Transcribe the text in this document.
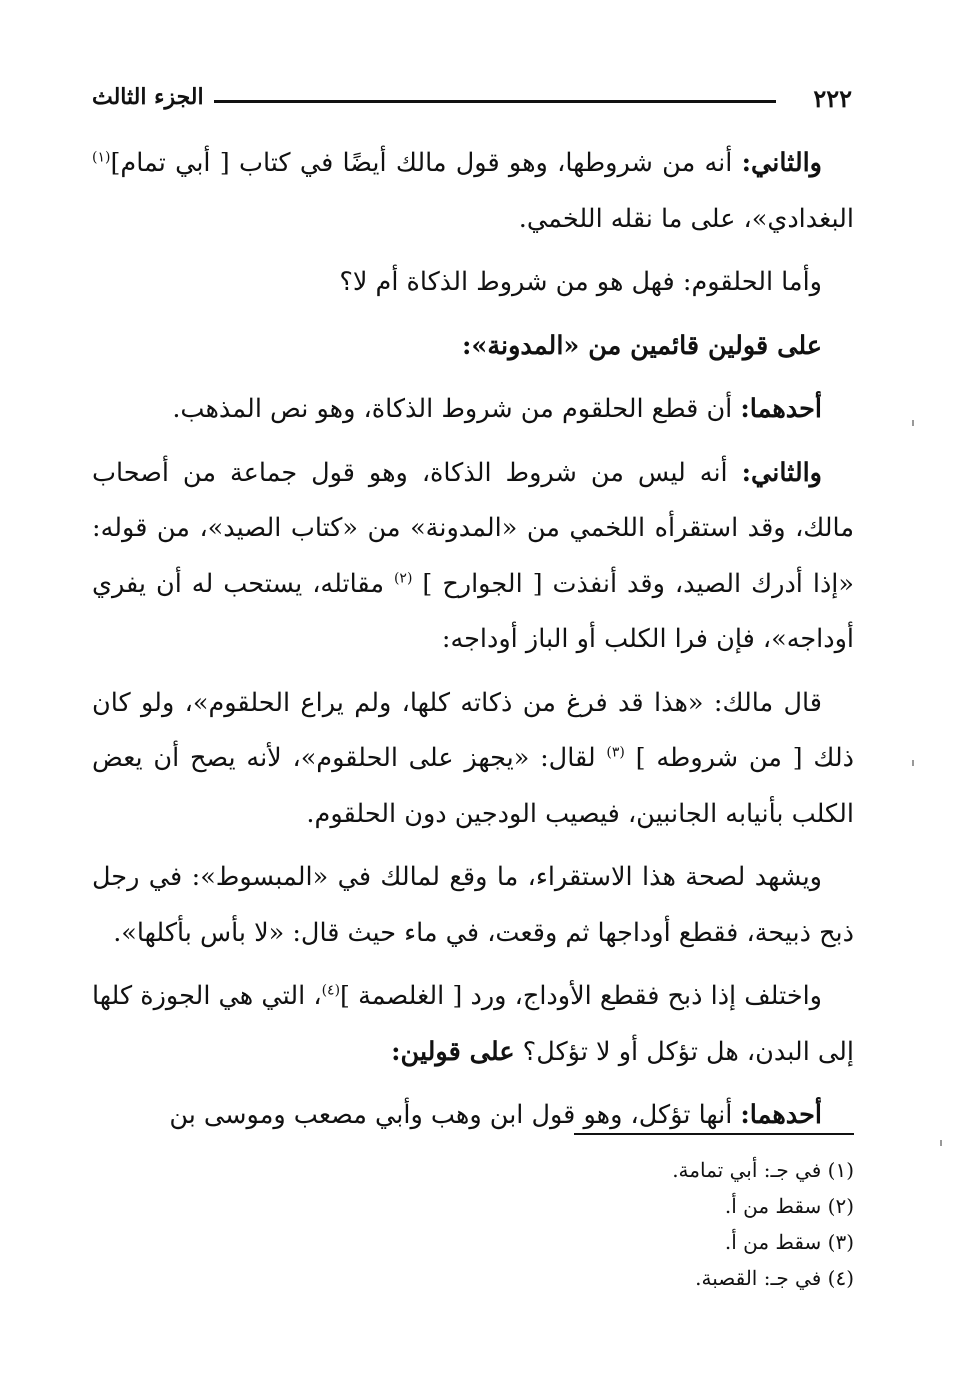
٢٢٢
الجزء الثالث

والثاني: أنه من شروطها، وهو قول مالك أيضًا في كتاب [ أبي تمام]$^{(١)}$ البغدادي»، على ما نقله اللخمي.

وأما الحلقوم: فهل هو من شروط الذكاة أم لا؟

على قولين قائمين من «المدونة»:

أحدهما: أن قطع الحلقوم من شروط الذكاة، وهو نص المذهب.

والثاني: أنه ليس من شروط الذكاة، وهو قول جماعة من أصحاب مالك، وقد استقرأه اللخمي من «المدونة» من «كتاب الصيد»، من قوله: «إذا أدرك الصيد، وقد أنفذت [ الجوارح ] $^{(٢)}$ مقاتله، يستحب له أن يفري أوداجه»، فإن فرا الكلب أو الباز أوداجه:

قال مالك: «هذا قد فرغ من ذكاته كلها، ولم يراع الحلقوم»، ولو كان ذلك [ من شروطه ] $^{(٣)}$ لقال: «يجهز على الحلقوم»، لأنه يصح أن يعض الكلب بأنيابه الجانبين، فيصيب الودجين دون الحلقوم.

ويشهد لصحة هذا الاستقراء، ما وقع لمالك في «المبسوط»: في رجل ذبح ذبيحة، فقطع أوداجها ثم وقعت، في ماء حيث قال: «لا بأس بأكلها».

واختلف إذا ذبح فقطع الأوداج، ورد [ الغلصمة ]$^{(٤)}$، التي هي الجوزة كلها إلى البدن، هل تؤكل أو لا تؤكل؟ على قولين:

أحدهما: أنها تؤكل، وهو قول ابن وهب وأبي مصعب وموسى بن

(١) في جـ: أبي تمامة.
(٢) سقط من أ.
(٣) سقط من أ.
(٤) في جـ: القصبة.
